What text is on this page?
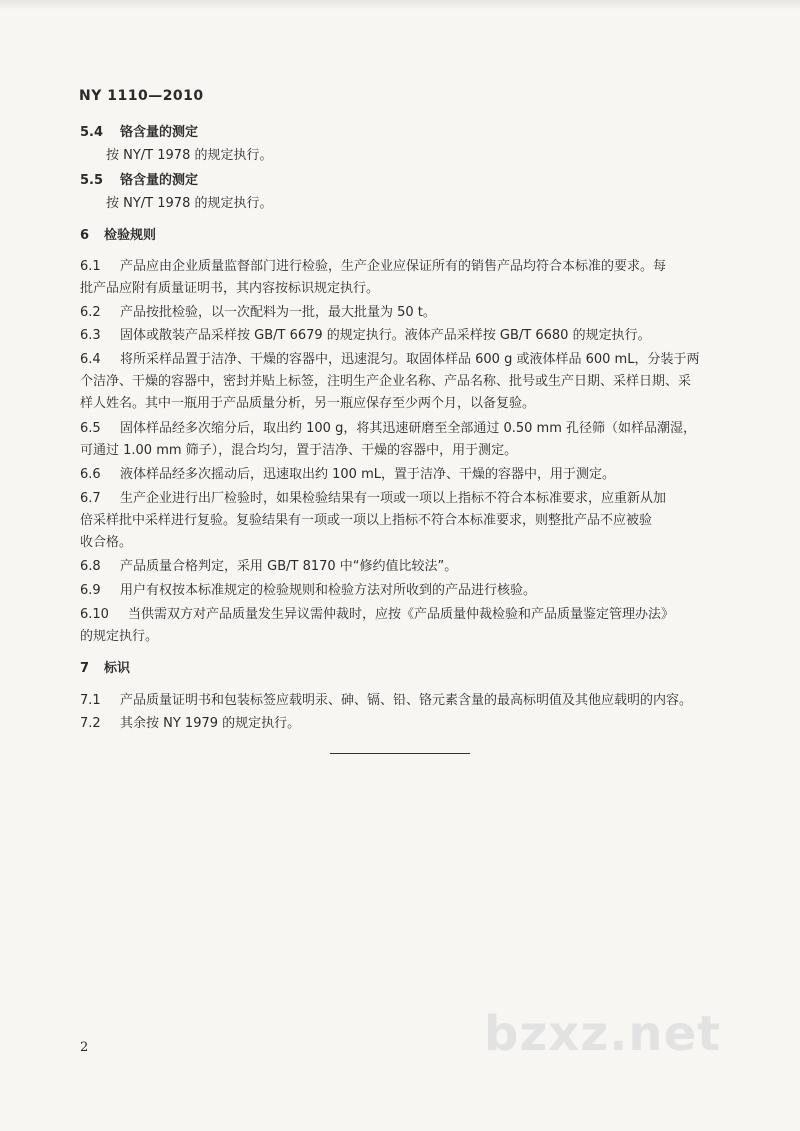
NY 1110—2010
5.4 铬含量的测定
按 NY/T 1978 的规定执行。
5.5 铬含量的测定
按 NY/T 1978 的规定执行。
6 检验规则
6.1 产品应由企业质量监督部门进行检验，生产企业应保证所有的销售产品均符合本标准的要求。每
批产品应附有质量证明书，其内容按标识规定执行。
6.2 产品按批检验，以一次配料为一批，最大批量为 50 t。
6.3 固体或散装产品采样按 GB/T 6679 的规定执行。液体产品采样按 GB/T 6680 的规定执行。
6.4 将所采样品置于洁净、干燥的容器中，迅速混匀。取固体样品 600 g 或液体样品 600 mL，分装于两
个洁净、干燥的容器中，密封并贴上标签，注明生产企业名称、产品名称、批号或生产日期、采样日期、采
样人姓名。其中一瓶用于产品质量分析，另一瓶应保存至少两个月，以备复验。
6.5 固体样品经多次缩分后，取出约 100 g，将其迅速研磨至全部通过 0.50 mm 孔径筛（如样品潮湿，
可通过 1.00 mm 筛子），混合均匀，置于洁净、干燥的容器中，用于测定。
6.6 液体样品经多次摇动后，迅速取出约 100 mL，置于洁净、干燥的容器中，用于测定。
6.7 生产企业进行出厂检验时，如果检验结果有一项或一项以上指标不符合本标准要求，应重新从加
倍采样批中采样进行复验。复验结果有一项或一项以上指标不符合本标准要求，则整批产品不应被验
收合格。
6.8 产品质量合格判定，采用 GB/T 8170 中“修约值比较法”。
6.9 用户有权按本标准规定的检验规则和检验方法对所收到的产品进行核验。
6.10 当供需双方对产品质量发生异议需仲裁时，应按《产品质量仲裁检验和产品质量鉴定管理办法》
的规定执行。
7 标识
7.1 产品质量证明书和包装标签应载明汞、砷、镉、铅、铬元素含量的最高标明值及其他应载明的内容。
7.2 其余按 NY 1979 的规定执行。
2	bzxz.net
